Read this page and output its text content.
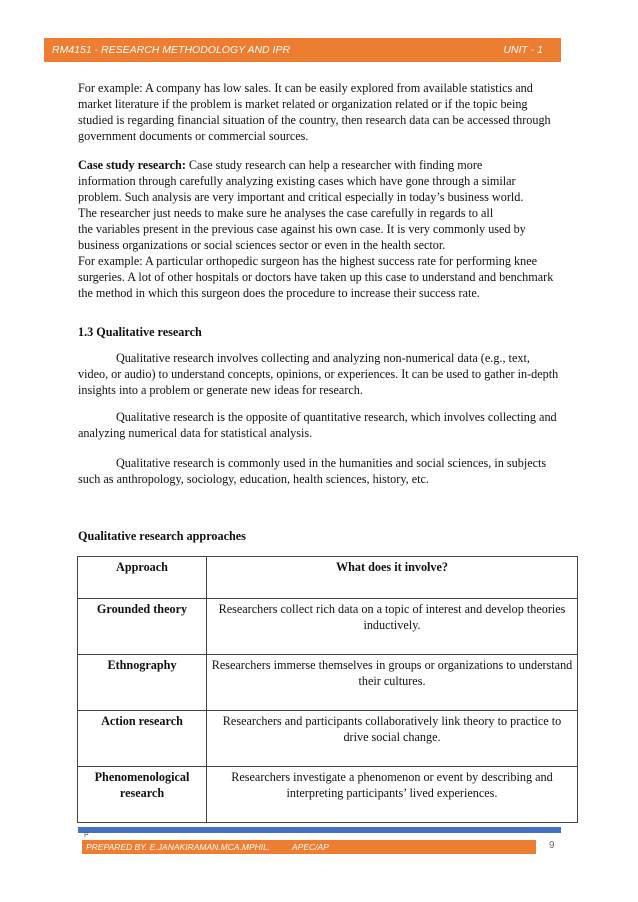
RM4151 - RESEARCH METHODOLOGY AND IPR	UNIT - 1

For example: A company has low sales. It can be easily explored from available statistics and market literature if the problem is market related or organization related or if the topic being studied is regarding financial situation of the country, then research data can be accessed through government documents or commercial sources.

Case study research: Case study research can help a researcher with finding more
information through carefully analyzing existing cases which have gone through a similar
problem. Such analysis are very important and critical especially in today’s business world.
The researcher just needs to make sure he analyses the case carefully in regards to all
the variables present in the previous case against his own case. It is very commonly used by
business organizations or social sciences sector or even in the health sector.

For example: A particular orthopedic surgeon has the highest success rate for performing knee surgeries. A lot of other hospitals or doctors have taken up this case to understand and benchmark the method in which this surgeon does the procedure to increase their success rate.

1.3 Qualitative research

Qualitative research involves collecting and analyzing non-numerical data (e.g., text, video, or audio) to understand concepts, opinions, or experiences. It can be used to gather in-depth insights into a problem or generate new ideas for research.

Qualitative research is the opposite of quantitative research, which involves collecting and analyzing numerical data for statistical analysis.

Qualitative research is commonly used in the humanities and social sciences, in subjects such as anthropology, sociology, education, health sciences, history, etc.

Qualitative research approaches

Approach	What does it involve?
Grounded theory	Researchers collect rich data on a topic of interest and develop theories inductively.
Ethnography	Researchers immerse themselves in groups or organizations to understand their cultures.
Action research	Researchers and participants collaboratively link theory to practice to drive social change.
Phenomenological research	Researchers investigate a phenomenon or event by describing and interpreting participants’ lived experiences.
P
PREPARED BY. E.JANAKIRAMAN.MCA.MPHIL.	APEC/AP	9
